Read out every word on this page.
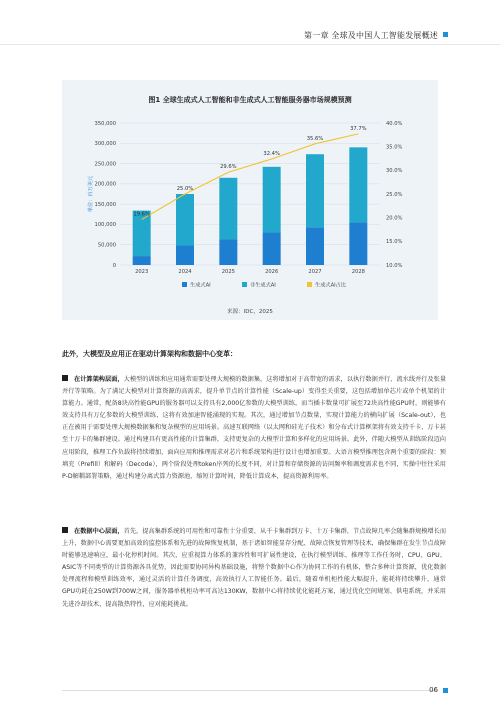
第一章 全球及中国人工智能发展概述
图1 全球生成式人工智能和非生成式人工智能服务器市场规模预测
0
50,000
100,000
150,000
200,000
250,000
300,000
350,000
10.0%
15.0%
20.0%
25.0%
30.0%
35.0%
40.0%
单位：百万美元
2023	2024	2025	2026	2027	2028
19.6%
25.0%
29.6%
32.4%
35.6%
37.7%
生成式AI	非生成式AI	生成式AI占比
来源：IDC，2025
此外，大模型及应用正在驱动计算架构和数据中心变革：
在计算架构层面，大模型的训练和应用通常需要处理大规模的数据集，这将增加对于高带宽的需求，以执行数据并行、流水线并行及张量并行等策略。为了满足大模型对计算资源的高需求，提升单节点的计算性能（Scale-up）变得至关重要，这包括增加单芯片或单个机架的计算能力。通常，配备8块高性能GPU的服务器可以支持具有2,000亿参数的大模型训练，而当插卡数量可扩展至72块高性能GPU时，则能够有效支持具有万亿参数的大模型训练，这将有效加速智能涌现的实现。其次，通过增加节点数量，实现计算能力的横向扩展（Scale-out），也正在被用于需要处理大规模数据集和复杂模型的应用场景。高速互联网络（以太网和硅光子技术）和分布式计算框架将有效支持千卡、万卡甚至十万卡的集群建设。通过构建具有更高性能的计算集群，支持更复杂的大模型计算和多样化的应用场景。此外，伴随大模型从训练阶段迈向应用阶段，推理工作负载将持续增加，面向应用和推理需求对芯片和系统架构进行设计也增加重要。大语言模型推理包含两个重要的阶段：预填充（Prefill）和解码（Decode），两个阶段处理token序列的长度不同，对计算和存储资源的访问频率和调度需求也不同，实操中往往采用P-D解耦部署策略，通过构建分离式算力资源池，缩短计算时间，降低计算成本，提高资源利用率。
在数据中心层面，首先，提高集群系统的可用性和可靠性十分重要，从千卡集群到万卡、十万卡集群，节点故障几率会随集群规模增长而上升，数据中心需要更加高效的监控体系和先进的故障恢复机制，基于诸如智能显存分配、故障点恢复管理等技术，确保集群在发生节点故障时能够迅速响应，最小化停机时间。其次，应重视算力体系的兼容性和可扩展性建设，在执行模型训练、推理等工作任务时，CPU、GPU、ASIC等不同类型的计算资源各具优势，因此需要协同异构基础设施，将整个数据中心作为协同工作的有机体，整合多种计算资源，优化数据处理流程和模型训练效率，通过灵活的计算任务调度，高效执行人工智能任务。最后，随着单机柜性能大幅提升，能耗将持续攀升，通常GPU功耗在250W到700W之间，服务器单机柜功率可高达130KW，数据中心将持续优化能耗方案，通过优化空间规划、供电系统，并采用先进冷却技术，提高散热特性，应对能耗挑战。
06
